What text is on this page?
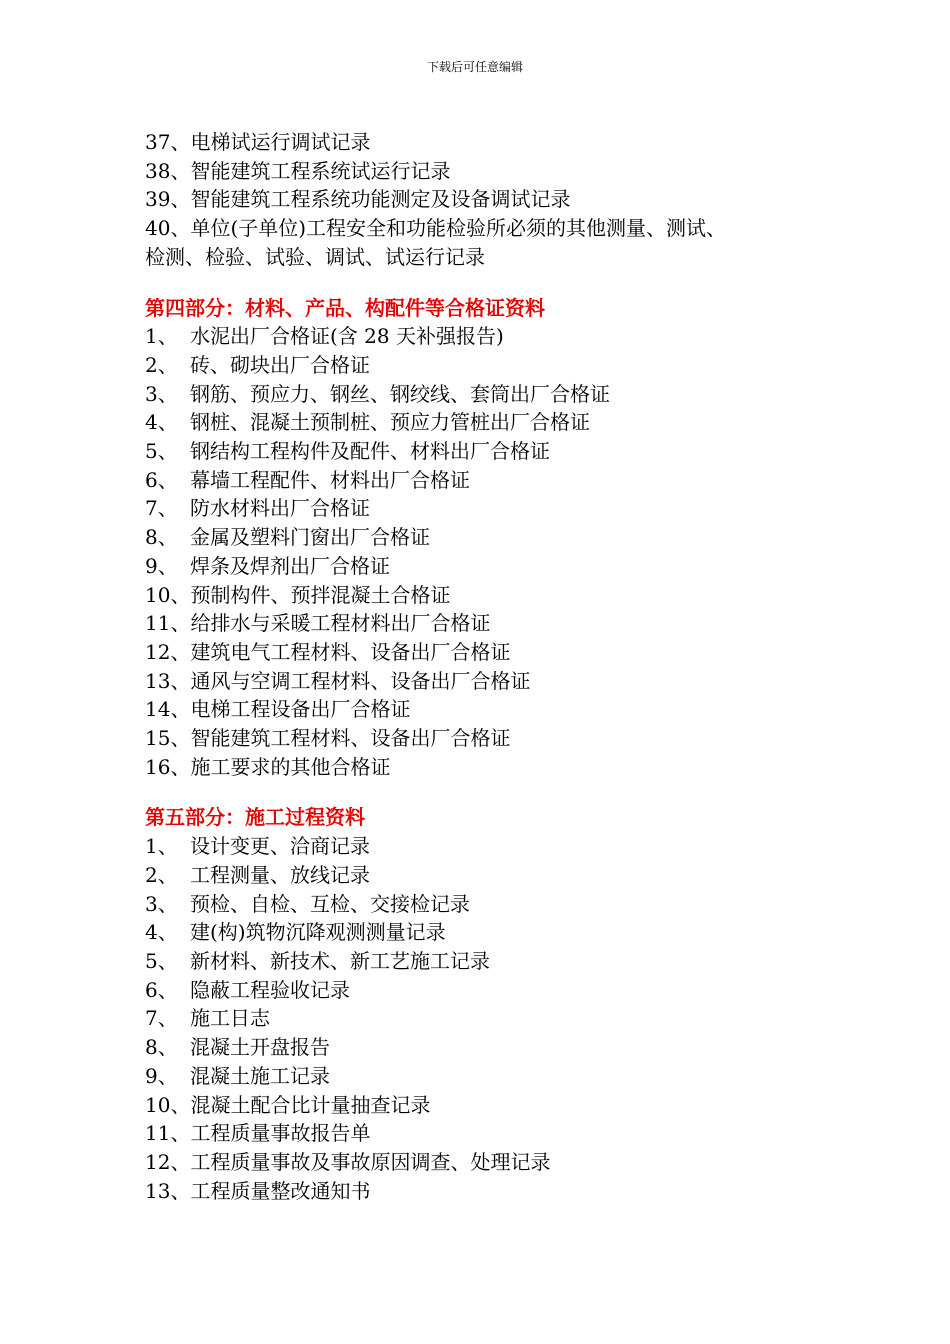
下载后可任意编辑
37、电梯试运行调试记录
38、智能建筑工程系统试运行记录
39、智能建筑工程系统功能测定及设备调试记录
40、单位(子单位)工程安全和功能检验所必须的其他测量、测试、
检测、检验、试验、调试、试运行记录
第四部分：材料、产品、构配件等合格证资料
1、 水泥出厂合格证(含 28 天补强报告)
2、 砖、砌块出厂合格证
3、 钢筋、预应力、钢丝、钢绞线、套筒出厂合格证
4、 钢桩、混凝土预制桩、预应力管桩出厂合格证
5、 钢结构工程构件及配件、材料出厂合格证
6、 幕墙工程配件、材料出厂合格证
7、 防水材料出厂合格证
8、 金属及塑料门窗出厂合格证
9、 焊条及焊剂出厂合格证
10、预制构件、预拌混凝土合格证
11、给排水与采暖工程材料出厂合格证
12、建筑电气工程材料、设备出厂合格证
13、通风与空调工程材料、设备出厂合格证
14、电梯工程设备出厂合格证
15、智能建筑工程材料、设备出厂合格证
16、施工要求的其他合格证
第五部分：施工过程资料
1、 设计变更、洽商记录
2、 工程测量、放线记录
3、 预检、自检、互检、交接检记录
4、 建(构)筑物沉降观测测量记录
5、 新材料、新技术、新工艺施工记录
6、 隐蔽工程验收记录
7、 施工日志
8、 混凝土开盘报告
9、 混凝土施工记录
10、混凝土配合比计量抽查记录
11、工程质量事故报告单
12、工程质量事故及事故原因调查、处理记录
13、工程质量整改通知书
